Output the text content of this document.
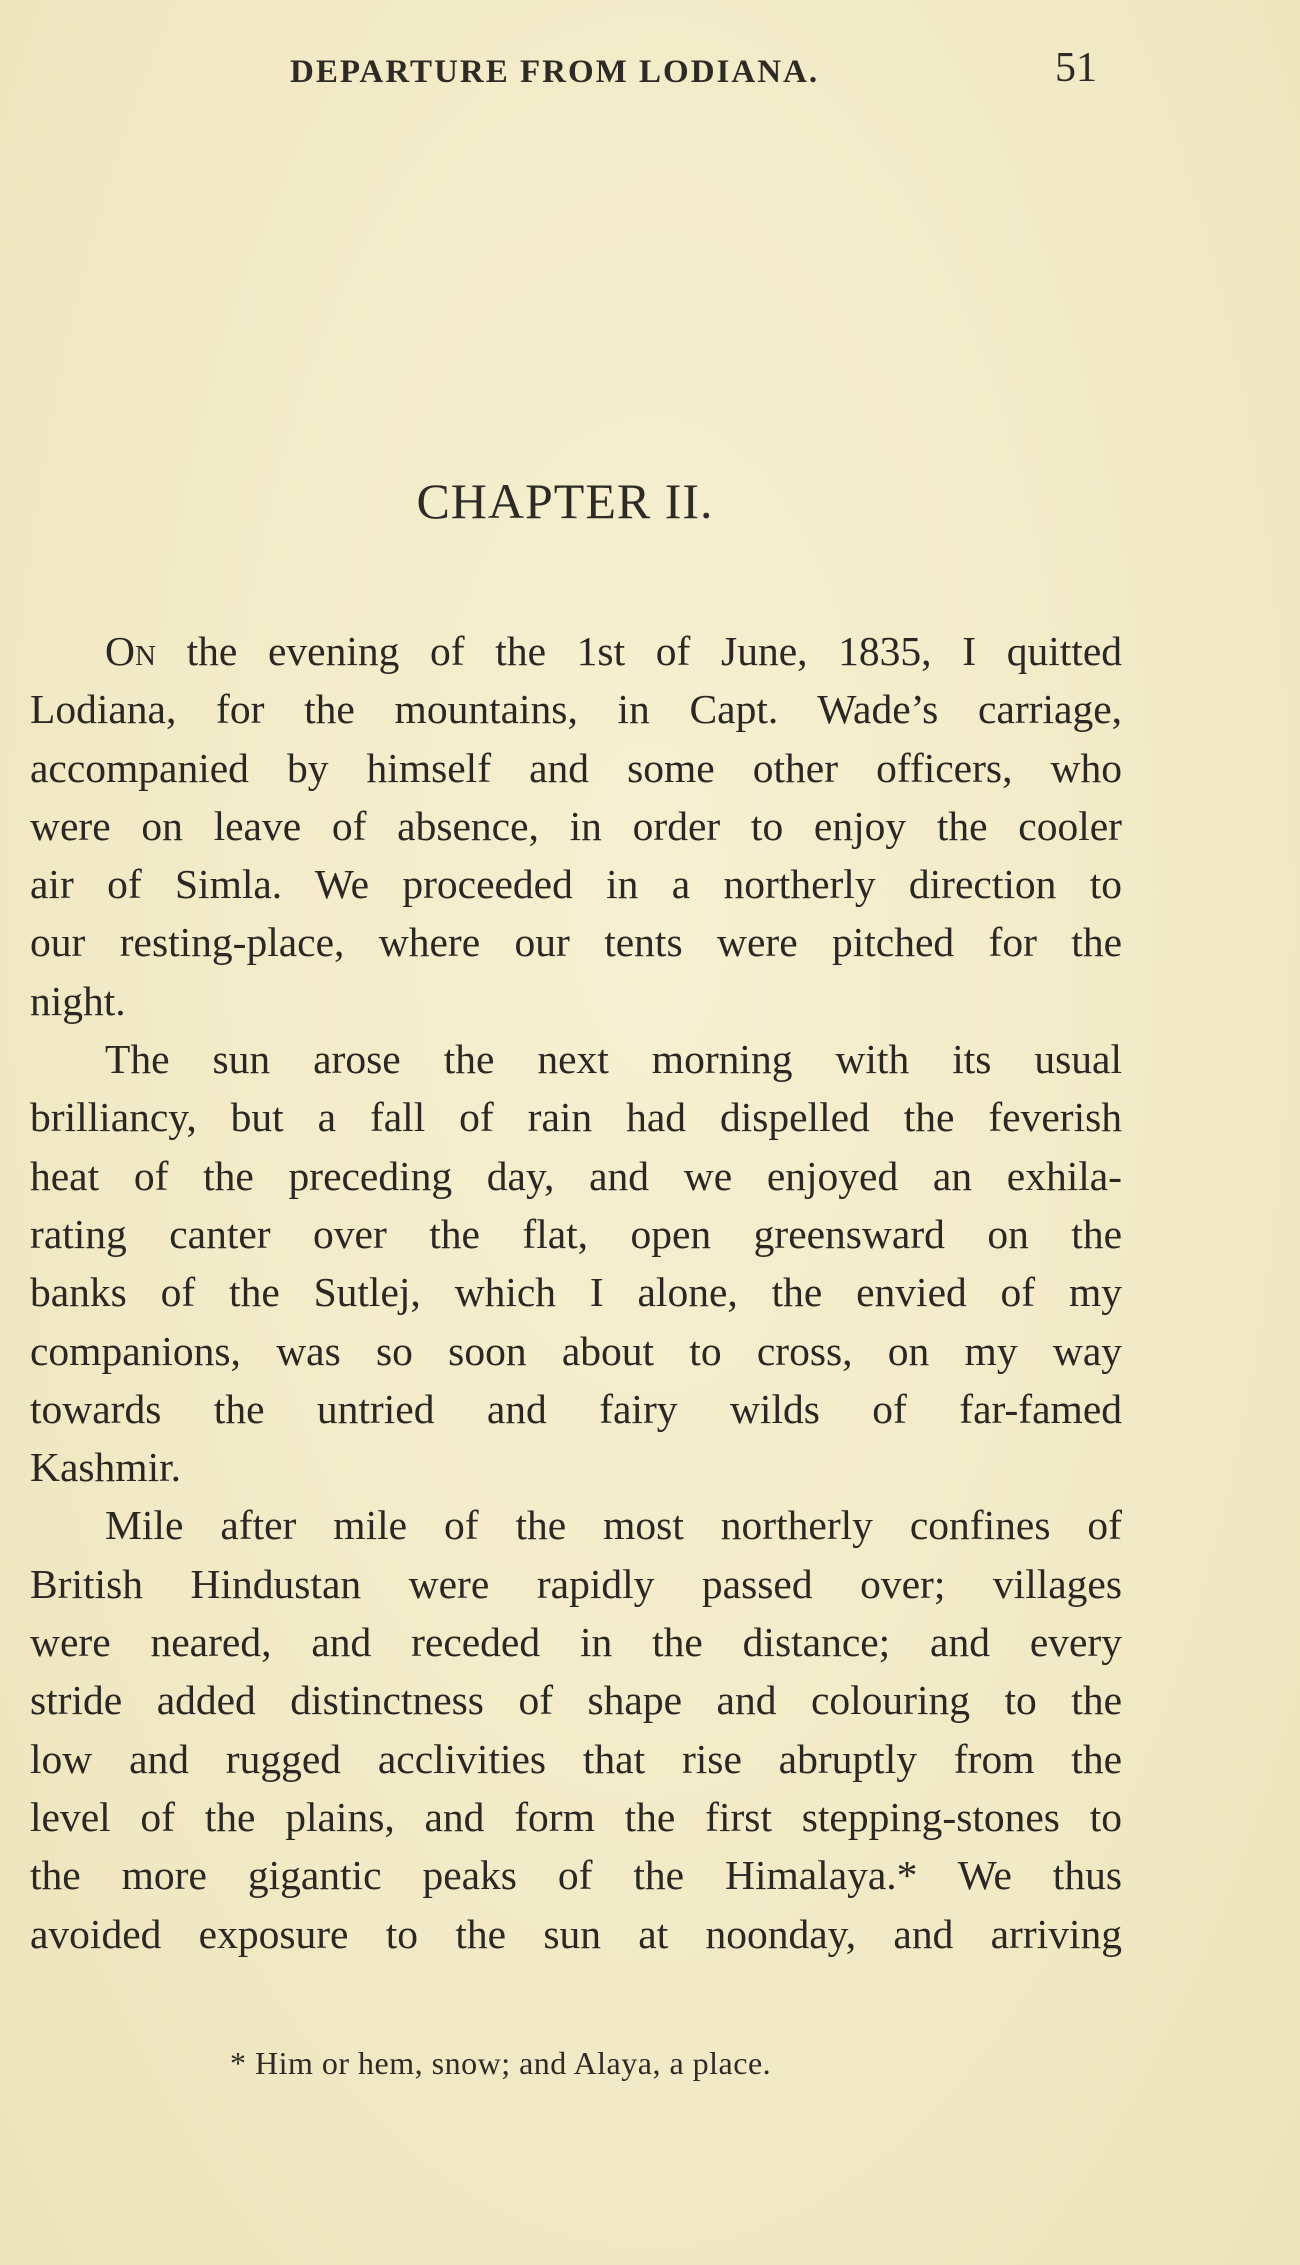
DEPARTURE FROM LODIANA.	51
CHAPTER II.
On the evening of the 1st of June, 1835, I quitted
Lodiana, for the mountains, in Capt. Wade’s carriage,
accompanied by himself and some other officers, who
were on leave of absence, in order to enjoy the cooler
air of Simla. We proceeded in a northerly direction to
our resting-place, where our tents were pitched for the
night.
The sun arose the next morning with its usual
brilliancy, but a fall of rain had dispelled the feverish
heat of the preceding day, and we enjoyed an exhila-
rating canter over the flat, open greensward on the
banks of the Sutlej, which I alone, the envied of my
companions, was so soon about to cross, on my way
towards the untried and fairy wilds of far-famed
Kashmir.
Mile after mile of the most northerly confines of
British Hindustan were rapidly passed over; villages
were neared, and receded in the distance; and every
stride added distinctness of shape and colouring to the
low and rugged acclivities that rise abruptly from the
level of the plains, and form the first stepping-stones to
the more gigantic peaks of the Himalaya.* We thus
avoided exposure to the sun at noonday, and arriving
* Him or hem, snow; and Alaya, a place.
